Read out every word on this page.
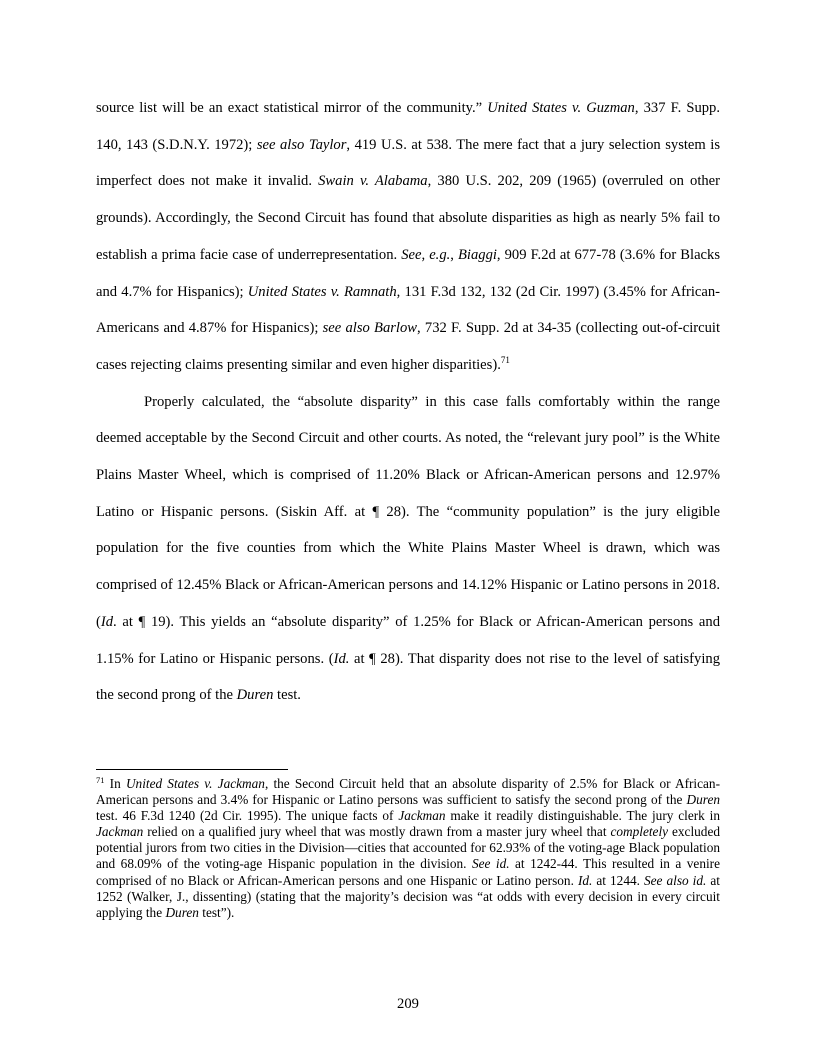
source list will be an exact statistical mirror of the community.” United States v. Guzman, 337 F. Supp. 140, 143 (S.D.N.Y. 1972); see also Taylor, 419 U.S. at 538. The mere fact that a jury selection system is imperfect does not make it invalid. Swain v. Alabama, 380 U.S. 202, 209 (1965) (overruled on other grounds). Accordingly, the Second Circuit has found that absolute disparities as high as nearly 5% fail to establish a prima facie case of underrepresentation. See, e.g., Biaggi, 909 F.2d at 677-78 (3.6% for Blacks and 4.7% for Hispanics); United States v. Ramnath, 131 F.3d 132, 132 (2d Cir. 1997) (3.45% for African-Americans and 4.87% for Hispanics); see also Barlow, 732 F. Supp. 2d at 34-35 (collecting out-of-circuit cases rejecting claims presenting similar and even higher disparities).$^{71}$

Properly calculated, the “absolute disparity” in this case falls comfortably within the range deemed acceptable by the Second Circuit and other courts. As noted, the “relevant jury pool” is the White Plains Master Wheel, which is comprised of 11.20% Black or African-American persons and 12.97% Latino or Hispanic persons. (Siskin Aff. at ¶ 28). The “community population” is the jury eligible population for the five counties from which the White Plains Master Wheel is drawn, which was comprised of 12.45% Black or African-American persons and 14.12% Hispanic or Latino persons in 2018. (Id. at ¶ 19). This yields an “absolute disparity” of 1.25% for Black or African-American persons and 1.15% for Latino or Hispanic persons. (Id. at ¶ 28). That disparity does not rise to the level of satisfying the second prong of the Duren test.

$^{71}$ In United States v. Jackman, the Second Circuit held that an absolute disparity of 2.5% for Black or African-American persons and 3.4% for Hispanic or Latino persons was sufficient to satisfy the second prong of the Duren test. 46 F.3d 1240 (2d Cir. 1995). The unique facts of Jackman make it readily distinguishable. The jury clerk in Jackman relied on a qualified jury wheel that was mostly drawn from a master jury wheel that completely excluded potential jurors from two cities in the Division—cities that accounted for 62.93% of the voting-age Black population and 68.09% of the voting-age Hispanic population in the division. See id. at 1242-44. This resulted in a venire comprised of no Black or African-American persons and one Hispanic or Latino person. Id. at 1244. See also id. at 1252 (Walker, J., dissenting) (stating that the majority’s decision was “at odds with every decision in every circuit applying the Duren test”).
209
